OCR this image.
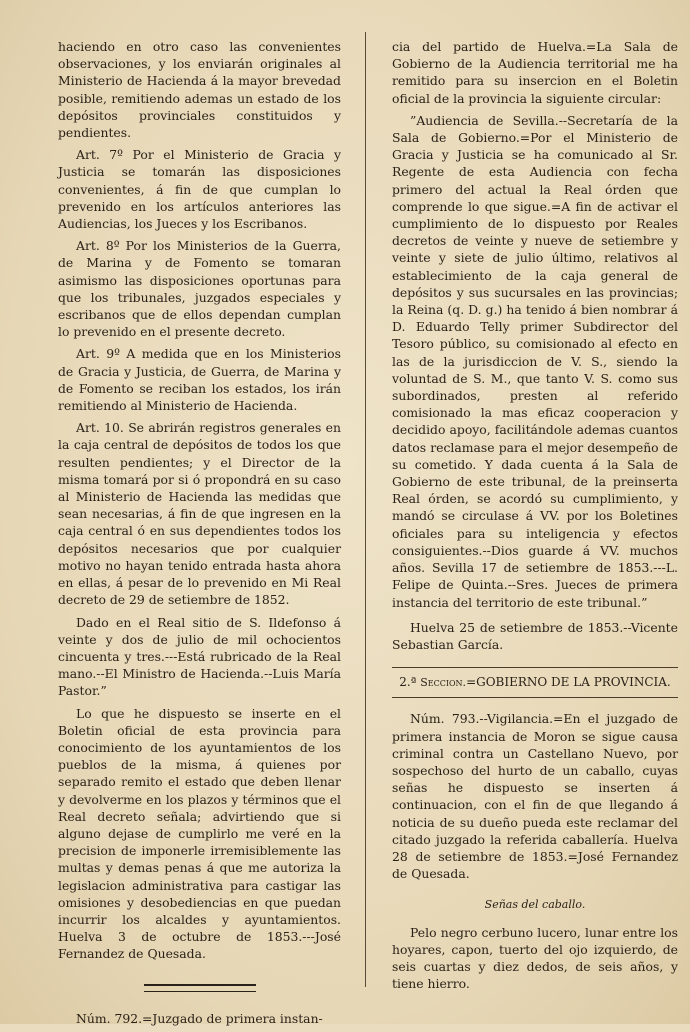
haciendo en otro caso las convenientes observaciones, y los enviarán originales al Ministerio de Hacienda á la mayor brevedad posible, remitiendo ademas un estado de los depósitos provinciales constituidos y pendientes.

Art. 7º Por el Ministerio de Gracia y Justicia se tomarán las disposiciones convenientes, á fin de que cumplan lo prevenido en los artículos anteriores las Audiencias, los Jueces y los Escribanos.

Art. 8º Por los Ministerios de la Guerra, de Marina y de Fomento se tomaran asimismo las disposiciones oportunas para que los tribunales, juzgados especiales y escribanos que de ellos dependan cumplan lo prevenido en el presente decreto.

Art. 9º A medida que en los Ministerios de Gracia y Justicia, de Guerra, de Marina y de Fomento se reciban los estados, los irán remitiendo al Ministerio de Hacienda.

Art. 10. Se abrirán registros generales en la caja central de depósitos de todos los que resulten pendientes; y el Director de la misma tomará por si ó propondrá en su caso al Ministerio de Hacienda las medidas que sean necesarias, á fin de que ingresen en la caja central ó en sus dependientes todos los depósitos necesarios que por cualquier motivo no hayan tenido entrada hasta ahora en ellas, á pesar de lo prevenido en Mi Real decreto de 29 de setiembre de 1852.

Dado en el Real sitio de S. Ildefonso á veinte y dos de julio de mil ochocientos cincuenta y tres.---Está rubricado de la Real mano.--El Ministro de Hacienda.--Luis María Pastor.”

Lo que he dispuesto se inserte en el Boletin oficial de esta provincia para conocimiento de los ayuntamientos de los pueblos de la misma, á quienes por separado remito el estado que deben llenar y devolverme en los plazos y términos que el Real decreto señala; advirtiendo que si alguno dejase de cumplirlo me veré en la precision de imponerle irremisiblemente las multas y demas penas á que me autoriza la legislacion administrativa para castigar las omisiones y desobediencias en que puedan incurrir los alcaldes y ayuntamientos. Huelva 3 de octubre de 1853.---José Fernandez de Quesada.

Núm. 792.=Juzgado de primera instan-

cia del partido de Huelva.=La Sala de Gobierno de la Audiencia territorial me ha remitido para su insercion en el Boletin oficial de la provincia la siguiente circular:

”Audiencia de Sevilla.--Secretaría de la Sala de Gobierno.=Por el Ministerio de Gracia y Justicia se ha comunicado al Sr. Regente de esta Audiencia con fecha primero del actual la Real órden que comprende lo que sigue.=A fin de activar el cumplimiento de lo dispuesto por Reales decretos de veinte y nueve de setiembre y veinte y siete de julio último, relativos al establecimiento de la caja general de depósitos y sus sucursales en las provincias; la Reina (q. D. g.) ha tenido á bien nombrar á D. Eduardo Telly primer Subdirector del Tesoro público, su comisionado al efecto en las de la jurisdiccion de V. S., siendo la voluntad de S. M., que tanto V. S. como sus subordinados, presten al referido comisionado la mas eficaz cooperacion y decidido apoyo, facilitándole ademas cuantos datos reclamase para el mejor desempeño de su cometido. Y dada cuenta á la Sala de Gobierno de este tribunal, de la preinserta Real órden, se acordó su cumplimiento, y mandó se circulase á VV. por los Boletines oficiales para su inteligencia y efectos consiguientes.--Dios guarde á VV. muchos años. Sevilla 17 de setiembre de 1853.---L. Felipe de Quinta.--Sres. Jueces de primera instancia del territorio de este tribunal.”

Huelva 25 de setiembre de 1853.--Vicente Sebastian García.

2.ª Seccion.=GOBIERNO DE LA PROVINCIA.

Núm. 793.--Vigilancia.=En el juzgado de primera instancia de Moron se sigue causa criminal contra un Castellano Nuevo, por sospechoso del hurto de un caballo, cuyas señas he dispuesto se inserten á continuacion, con el fin de que llegando á noticia de su dueño pueda este reclamar del citado juzgado la referida caballería. Huelva 28 de setiembre de 1853.=José Fernandez de Quesada.

Señas del caballo.

Pelo negro cerbuno lucero, lunar entre los hoyares, capon, tuerto del ojo izquierdo, de seis cuartas y diez dedos, de seis años, y tiene hierro.
